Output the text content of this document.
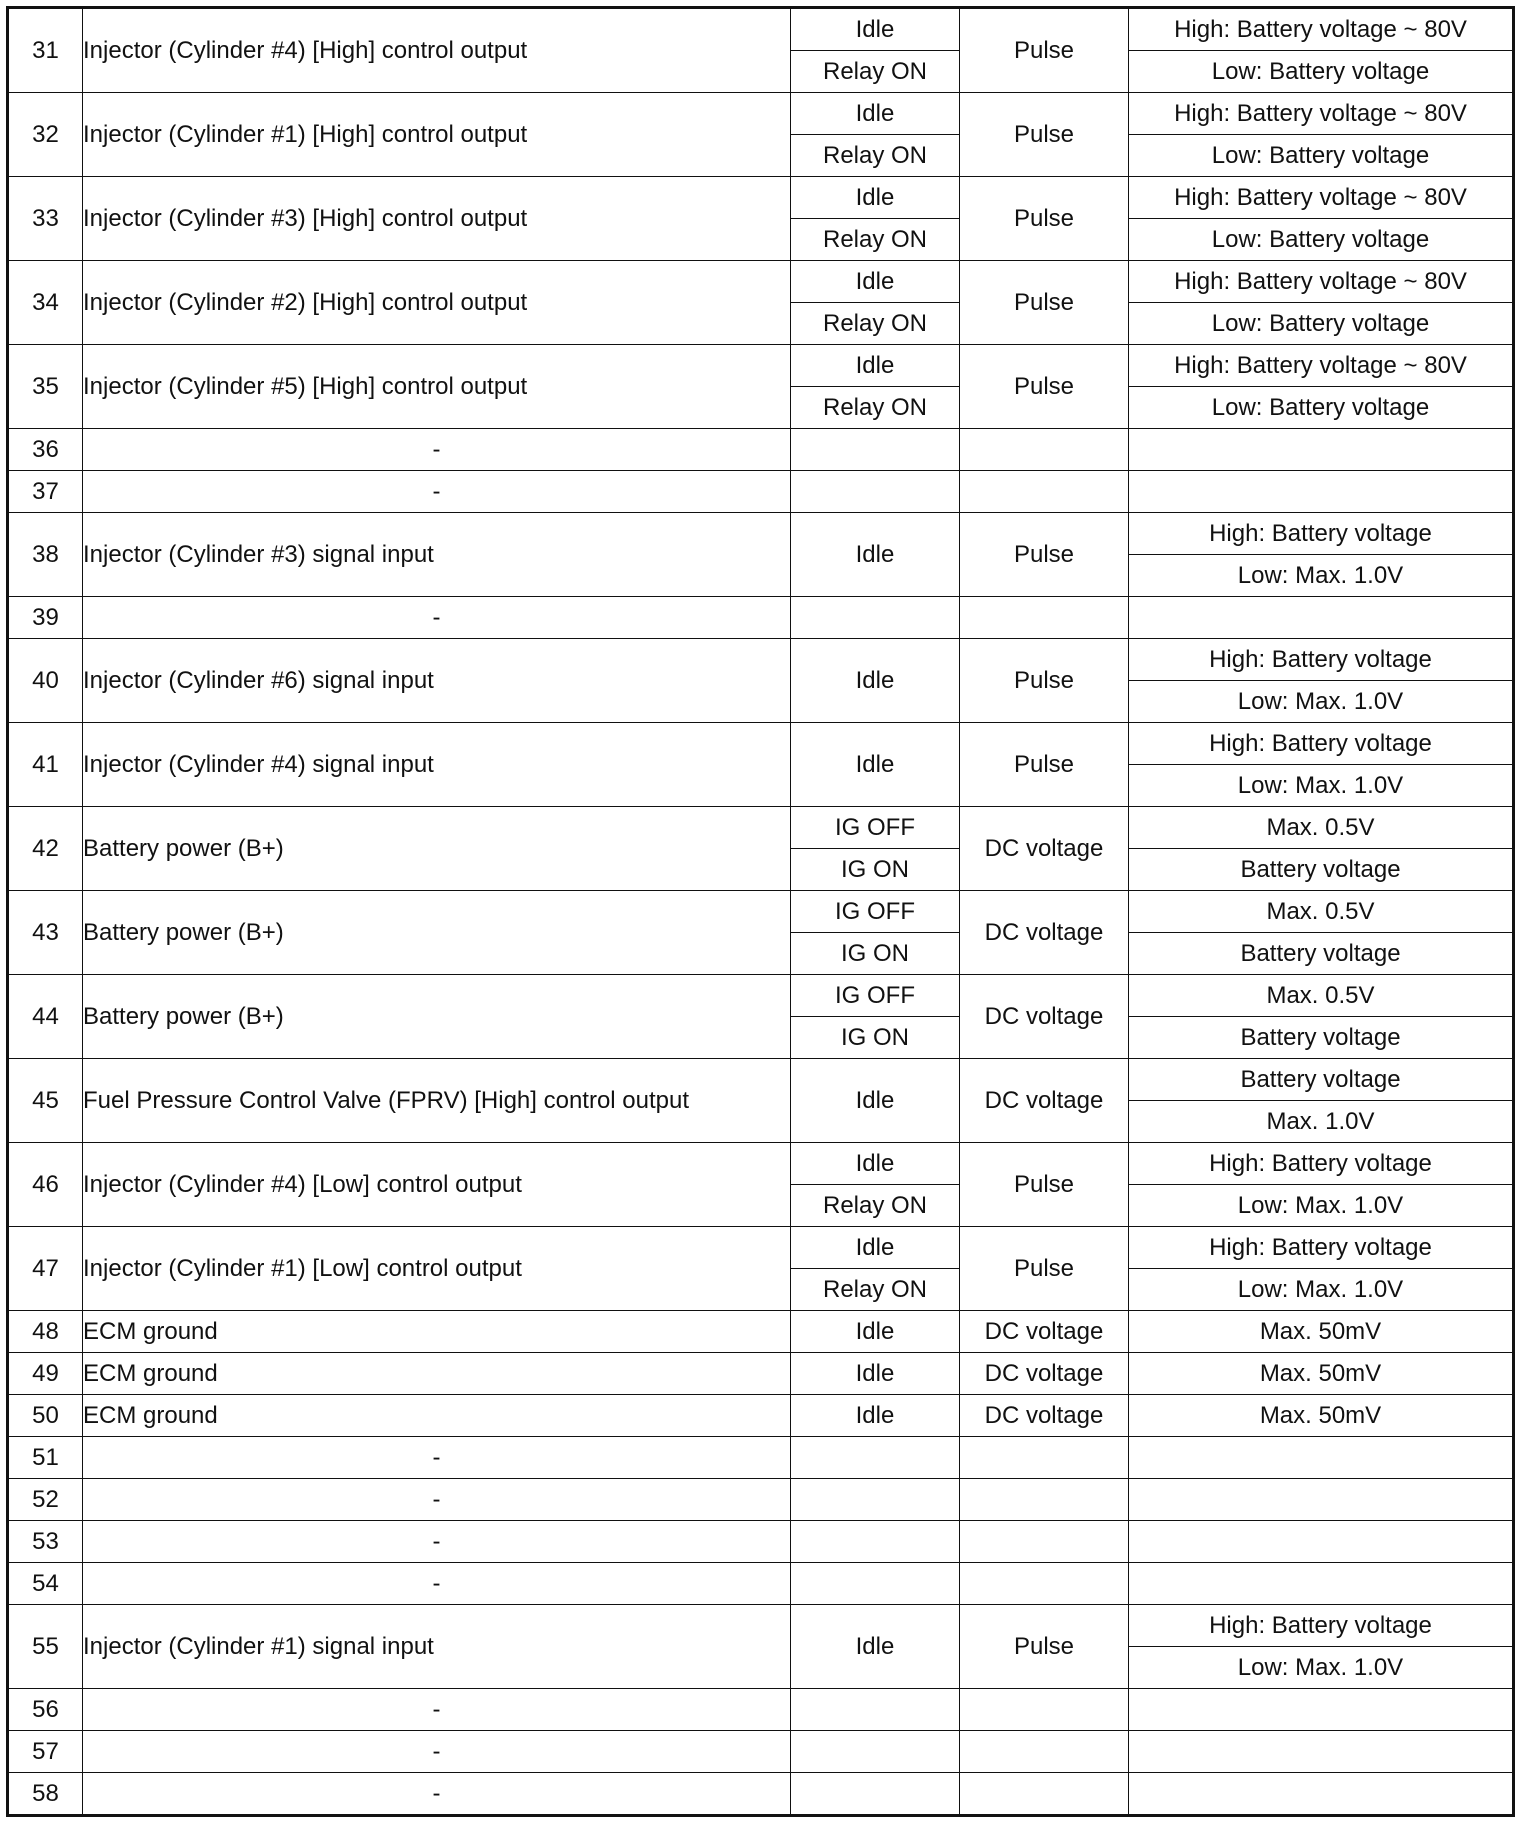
31	Injector (Cylinder #4) [High] control output	Idle	Pulse	High: Battery voltage ~ 80V
		Relay ON		Low: Battery voltage
32	Injector (Cylinder #1) [High] control output	Idle	Pulse	High: Battery voltage ~ 80V
		Relay ON		Low: Battery voltage
33	Injector (Cylinder #3) [High] control output	Idle	Pulse	High: Battery voltage ~ 80V
		Relay ON		Low: Battery voltage
34	Injector (Cylinder #2) [High] control output	Idle	Pulse	High: Battery voltage ~ 80V
		Relay ON		Low: Battery voltage
35	Injector (Cylinder #5) [High] control output	Idle	Pulse	High: Battery voltage ~ 80V
		Relay ON		Low: Battery voltage
36	-			
37	-			
38	Injector (Cylinder #3) signal input	Idle	Pulse	High: Battery voltage
				Low: Max. 1.0V
39	-			
40	Injector (Cylinder #6) signal input	Idle	Pulse	High: Battery voltage
				Low: Max. 1.0V
41	Injector (Cylinder #4) signal input	Idle	Pulse	High: Battery voltage
				Low: Max. 1.0V
42	Battery power (B+)	IG OFF	DC voltage	Max. 0.5V
		IG ON		Battery voltage
43	Battery power (B+)	IG OFF	DC voltage	Max. 0.5V
		IG ON		Battery voltage
44	Battery power (B+)	IG OFF	DC voltage	Max. 0.5V
		IG ON		Battery voltage
45	Fuel Pressure Control Valve (FPRV) [High] control output	Idle	DC voltage	Battery voltage
				Max. 1.0V
46	Injector (Cylinder #4) [Low] control output	Idle	Pulse	High: Battery voltage
		Relay ON		Low: Max. 1.0V
47	Injector (Cylinder #1) [Low] control output	Idle	Pulse	High: Battery voltage
		Relay ON		Low: Max. 1.0V
48	ECM ground	Idle	DC voltage	Max. 50mV
49	ECM ground	Idle	DC voltage	Max. 50mV
50	ECM ground	Idle	DC voltage	Max. 50mV
51	-			
52	-			
53	-			
54	-			
55	Injector (Cylinder #1) signal input	Idle	Pulse	High: Battery voltage
				Low: Max. 1.0V
56	-			
57	-			
58	-			
